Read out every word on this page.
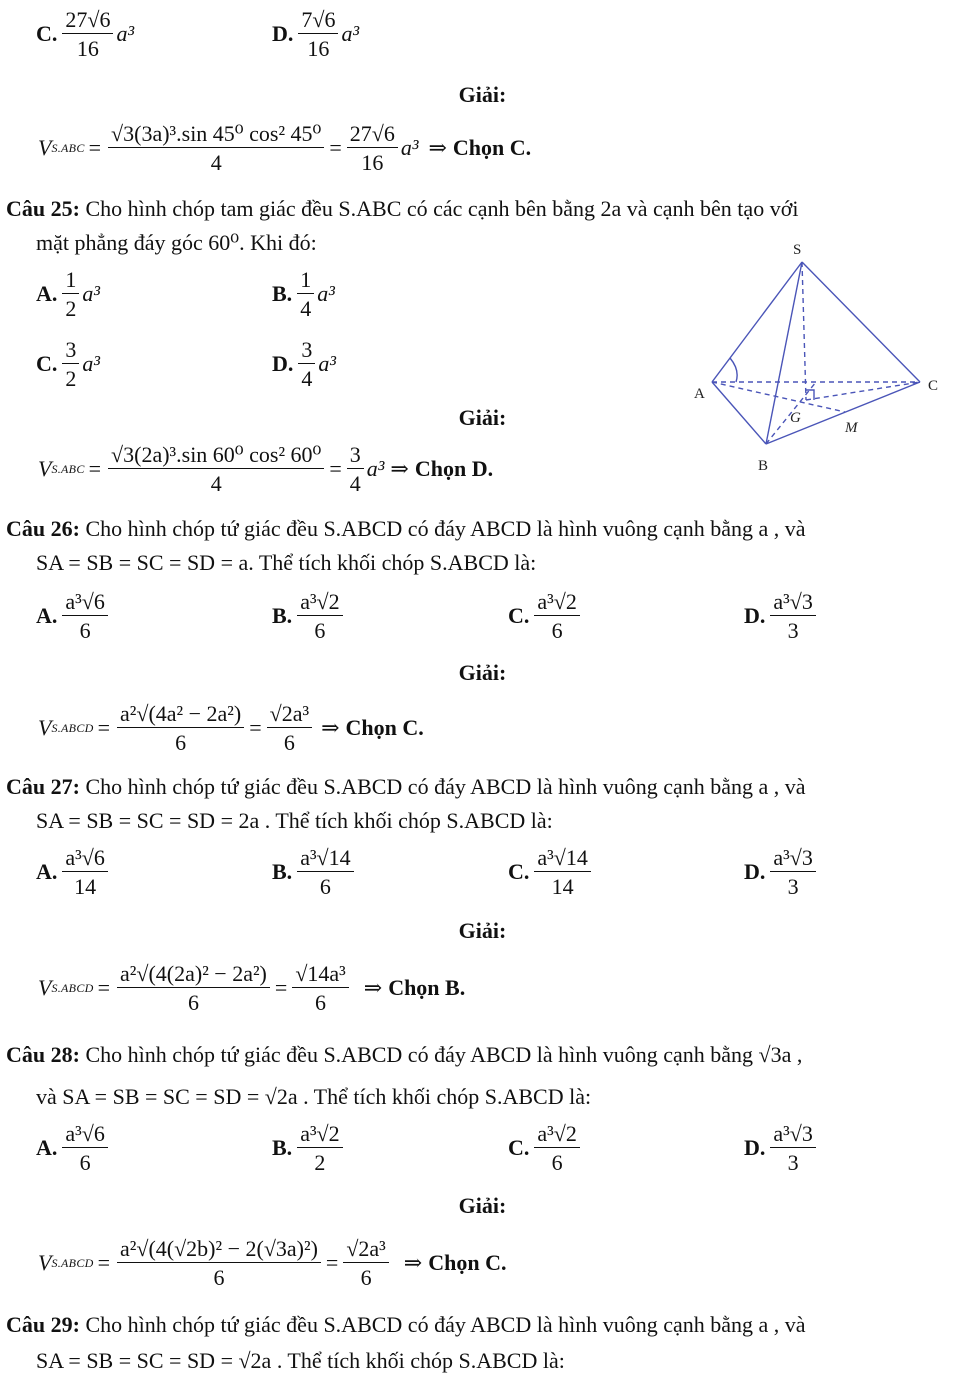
C. $\frac{27√6}{16} a^3$	D. $\frac{7√6}{16} a^3$
Giải:
V $S.ABC = \frac{\text{√3(3a)³.sin 45⁰ cos² 45⁰}}{4} = \frac{27√6}{16} a^3$ ⇒ Chọn C.
Câu 25: Cho hình chóp tam giác đều S.ABC có các cạnh bên bằng 2a và cạnh bên tạo với
mặt phẳng đáy góc 60⁰. Khi đó:
A. $\frac{1}{2} a^3$	B. $\frac{1}{4} a^3$
C. $\frac{3}{2} a^3$	D. $\frac{3}{4} a^3$
S
A
B
C
G
M
Giải:
V $S.ABC = \frac{\text{√3(2a)³.sin 60⁰ cos² 60⁰}}{4} = \frac{3}{4} a^3$ ⇒ Chọn D.
Câu 26: Cho hình chóp tứ giác đều S.ABCD có đáy ABCD là hình vuông cạnh bằng a , và
SA = SB = SC = SD = a. Thể tích khối chóp S.ABCD là:
A. $\frac{\text{a³√6}}{6}$	B. $\frac{\text{a³√2}}{6}$	C. $\frac{\text{a³√2}}{6}$	D. $\frac{\text{a³√3}}{3}$
Giải:
V S.ABCD = $\frac{\text{a²√(4a² − 2a²)}}{6} = \frac{\text{√2a³}}{6}$ ⇒ Chọn C.
Câu 27: Cho hình chóp tứ giác đều S.ABCD có đáy ABCD là hình vuông cạnh bằng a , và
SA = SB = SC = SD = 2a . Thể tích khối chóp S.ABCD là:
A. $\frac{\text{a³√6}}{14}$	B. $\frac{\text{a³√14}}{6}$	C. $\frac{\text{a³√14}}{14}$	D. $\frac{\text{a³√3}}{3}$
Giải:
V S.ABCD = $\frac{\text{a²√(4(2a)² − 2a²)}}{6} = \frac{\text{√14a³}}{6}$ ⇒ Chọn B.
Câu 28: Cho hình chóp tứ giác đều S.ABCD có đáy ABCD là hình vuông cạnh bằng √3a ,
và SA = SB = SC = SD = √2a . Thể tích khối chóp S.ABCD là:
A. $\frac{\text{a³√6}}{6}$	B. $\frac{\text{a³√2}}{2}$	C. $\frac{\text{a³√2}}{6}$	D. $\frac{\text{a³√3}}{3}$
Giải:
V S.ABCD = $\frac{\text{a²√(4(√2b)² − 2(√3a)²)}}{6} = \frac{\text{√2a³}}{6}$ ⇒ Chọn C.
Câu 29: Cho hình chóp tứ giác đều S.ABCD có đáy ABCD là hình vuông cạnh bằng a , và
SA = SB = SC = SD = √2a . Thể tích khối chóp S.ABCD là:
